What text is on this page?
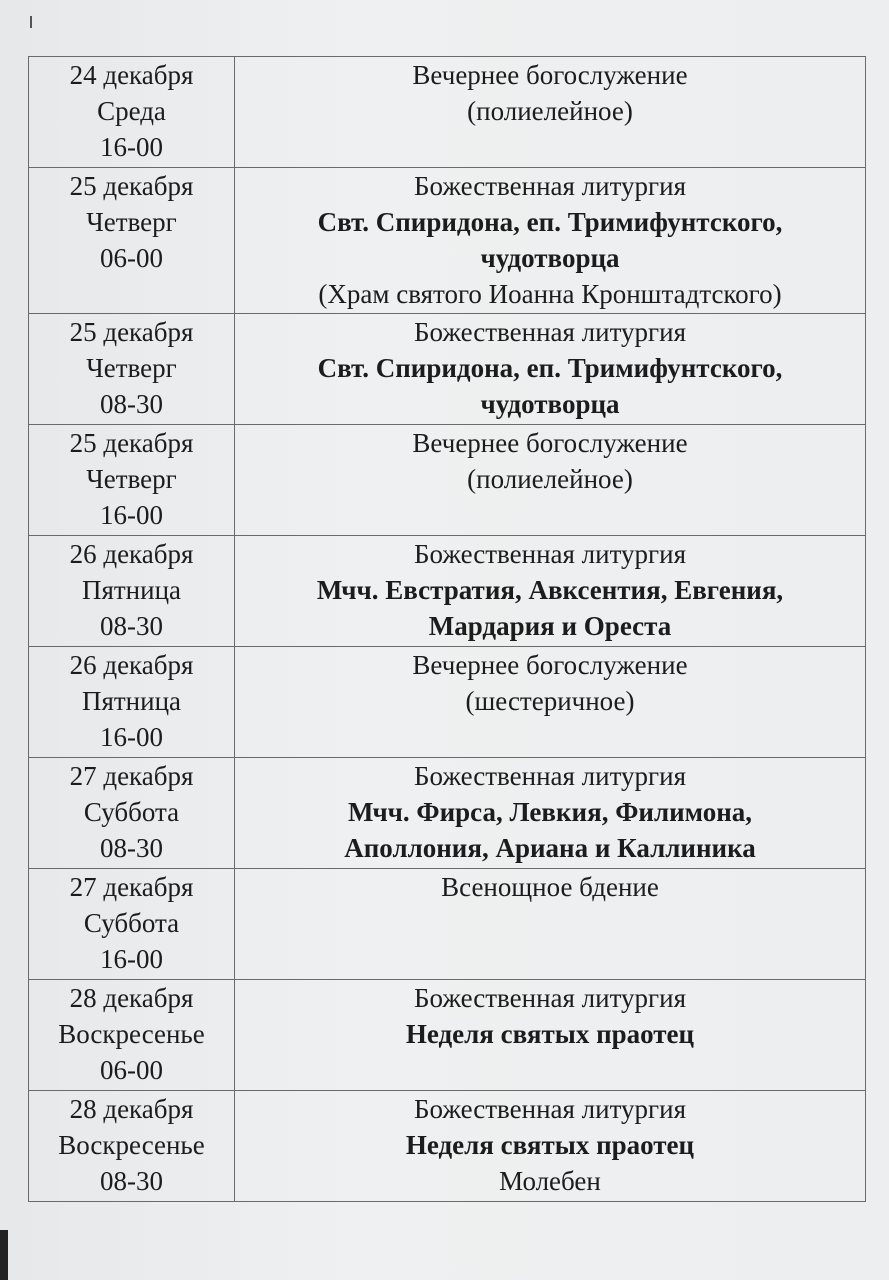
24 декабря
Среда
16-00	Вечернее богослужение
(полиелейное)

25 декабря
Четверг
06-00	Божественная литургия
Свт. Спиридона, еп. Тримифунтского,
чудотворца
(Храм святого Иоанна Кронштадтского)

25 декабря
Четверг
08-30	Божественная литургия
Свт. Спиридона, еп. Тримифунтского,
чудотворца

25 декабря
Четверг
16-00	Вечернее богослужение
(полиелейное)

26 декабря
Пятница
08-30	Божественная литургия
Мчч. Евстратия, Авксентия, Евгения,
Мардария и Ореста

26 декабря
Пятница
16-00	Вечернее богослужение
(шестеричное)

27 декабря
Суббота
08-30	Божественная литургия
Мчч. Фирса, Левкия, Филимона,
Аполлония, Ариана и Каллиника

27 декабря
Суббота
16-00	Всенощное бдение

28 декабря
Воскресенье
06-00	Божественная литургия
Неделя святых праотец

28 декабря
Воскресенье
08-30	Божественная литургия
Неделя святых праотец
Молебен
